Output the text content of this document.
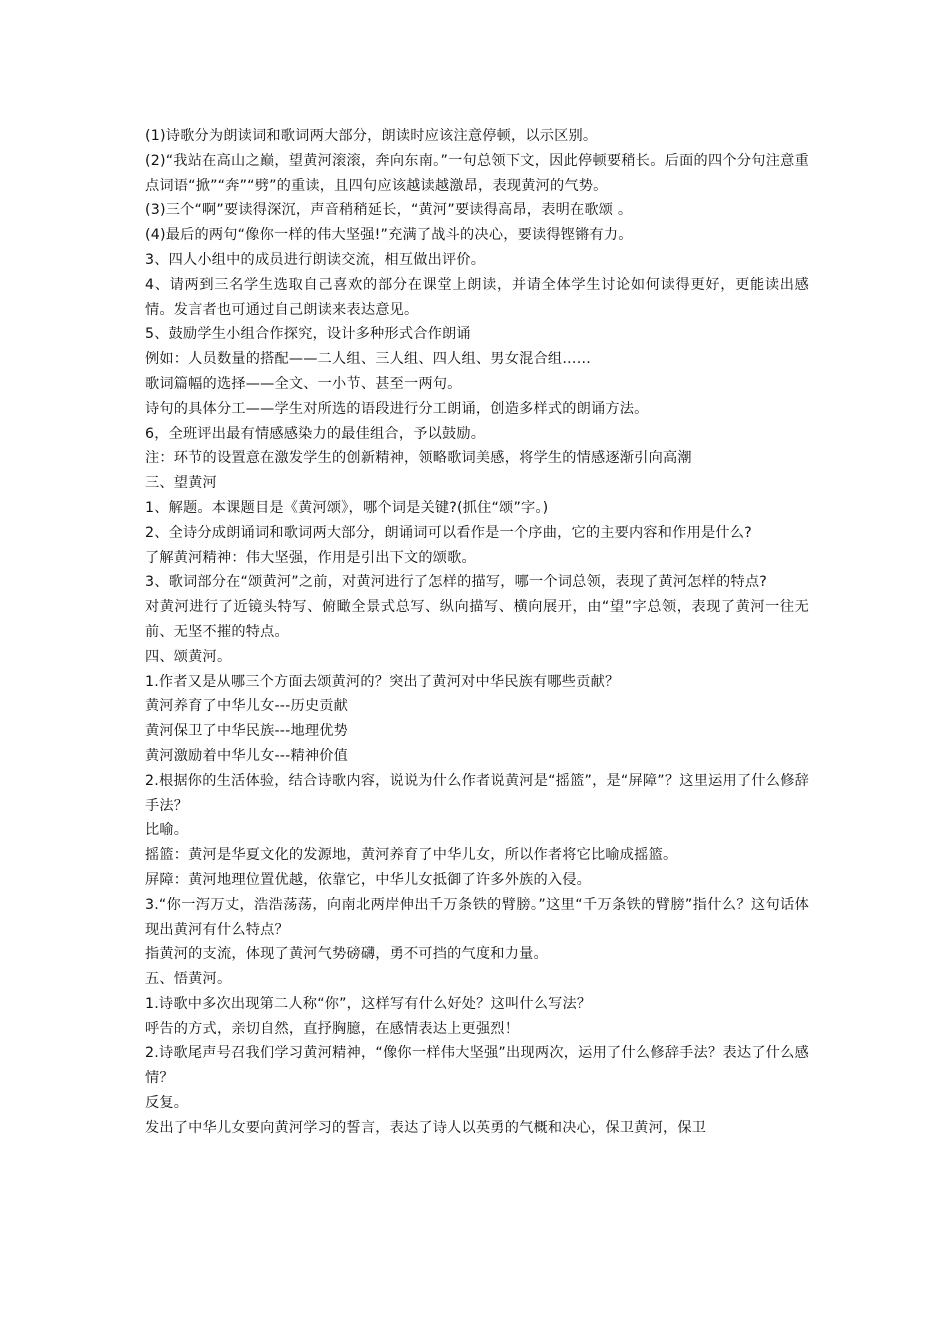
(1)诗歌分为朗读词和歌词两大部分，朗读时应该注意停顿，以示区别。

(2)“我站在高山之巅，望黄河滚滚，奔向东南。”一句总领下文，因此停顿要稍长。后面的四个分句注意重点词语“掀”“奔”“劈”的重读，且四句应该越读越激昂，表现黄河的气势。

(3)三个“啊”要读得深沉，声音稍稍延长，“黄河”要读得高昂，表明在歌颂 。

(4)最后的两句“像你一样的伟大坚强!”充满了战斗的决心，要读得铿锵有力。

3、四人小组中的成员进行朗读交流，相互做出评价。

4、请两到三名学生选取自己喜欢的部分在课堂上朗读，并请全体学生讨论如何读得更好，更能读出感情。发言者也可通过自己朗读来表达意见。

5、鼓励学生小组合作探究，设计多种形式合作朗诵

例如：人员数量的搭配——二人组、三人组、四人组、男女混合组……

歌词篇幅的选择——全文、一小节、甚至一两句。

诗句的具体分工——学生对所选的语段进行分工朗诵，创造多样式的朗诵方法。

6，全班评出最有情感感染力的最佳组合，予以鼓励。

注：环节的设置意在激发学生的创新精神，领略歌词美感，将学生的情感逐渐引向高潮

三、望黄河

1、解题。本课题目是《黄河颂》，哪个词是关键?(抓住“颂”字。)

2、全诗分成朗诵词和歌词两大部分，朗诵词可以看作是一个序曲，它的主要内容和作用是什么?

了解黄河精神：伟大坚强，作用是引出下文的颂歌。

3、歌词部分在“颂黄河”之前，对黄河进行了怎样的描写，哪一个词总领，表现了黄河怎样的特点?

对黄河进行了近镜头特写、俯瞰全景式总写、纵向描写、横向展开，由“望”字总领，表现了黄河一往无前、无坚不摧的特点。

四、颂黄河。

1.作者又是从哪三个方面去颂黄河的？突出了黄河对中华民族有哪些贡献？

黄河养育了中华儿女---历史贡献

黄河保卫了中华民族---地理优势

黄河激励着中华儿女---精神价值

2.根据你的生活体验，结合诗歌内容，说说为什么作者说黄河是“摇篮”，是“屏障”？这里运用了什么修辞手法？

比喻。

摇篮：黄河是华夏文化的发源地，黄河养育了中华儿女，所以作者将它比喻成摇篮。

屏障：黄河地理位置优越，依靠它，中华儿女抵御了许多外族的入侵。

3.“你一泻万丈，浩浩荡荡，向南北两岸伸出千万条铁的臂膀。”这里“千万条铁的臂膀”指什么？这句话体现出黄河有什么特点？

指黄河的支流，体现了黄河气势磅礴，勇不可挡的气度和力量。

五、悟黄河。

1.诗歌中多次出现第二人称“你”，这样写有什么好处？这叫什么写法？

呼告的方式，亲切自然，直抒胸臆，在感情表达上更强烈！

2.诗歌尾声号召我们学习黄河精神，“像你一样伟大坚强”出现两次，运用了什么修辞手法？表达了什么感情？

反复。

发出了中华儿女要向黄河学习的誓言，表达了诗人以英勇的气概和决心，保卫黄河，保卫
